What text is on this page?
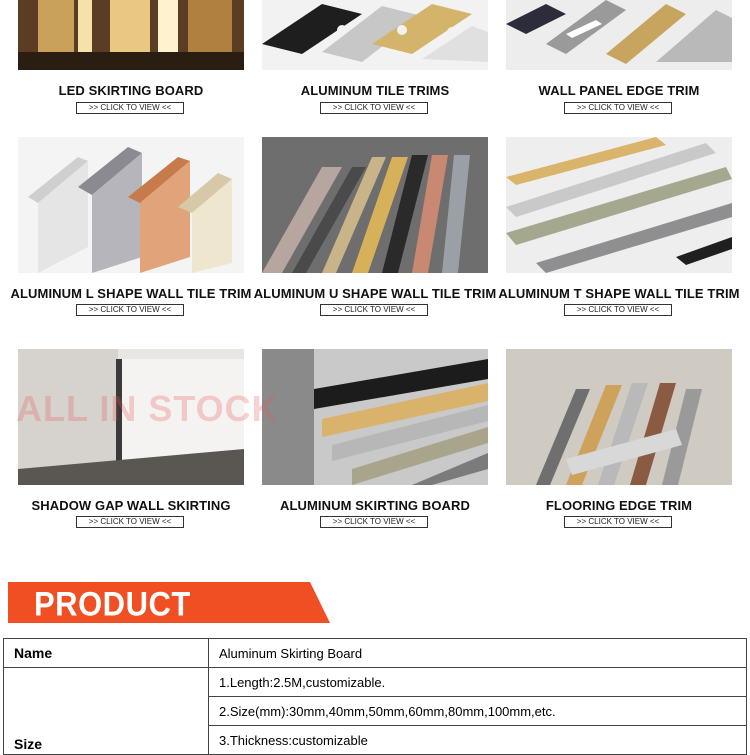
LED SKIRTING BOARD
>> CLICK TO VIEW <<
ALUMINUM TILE TRIMS
>> CLICK TO VIEW <<
WALL PANEL EDGE TRIM
>> CLICK TO VIEW <<
ALUMINUM L SHAPE WALL TILE TRIM
>> CLICK TO VIEW <<
ALUMINUM U SHAPE WALL TILE TRIM
>> CLICK TO VIEW <<
ALUMINUM T SHAPE WALL TILE TRIM
>> CLICK TO VIEW <<
SHADOW GAP WALL SKIRTING
>> CLICK TO VIEW <<
ALUMINUM SKIRTING BOARD
>> CLICK TO VIEW <<
FLOORING EDGE TRIM
>> CLICK TO VIEW <<
ALL IN STOCK
PRODUCT
Name	Aluminum Skirting Board
Size	1.Length:2.5M,customizable.
	2.Size(mm):30mm,40mm,50mm,60mm,80mm,100mm,etc.
	3.Thickness:customizable
